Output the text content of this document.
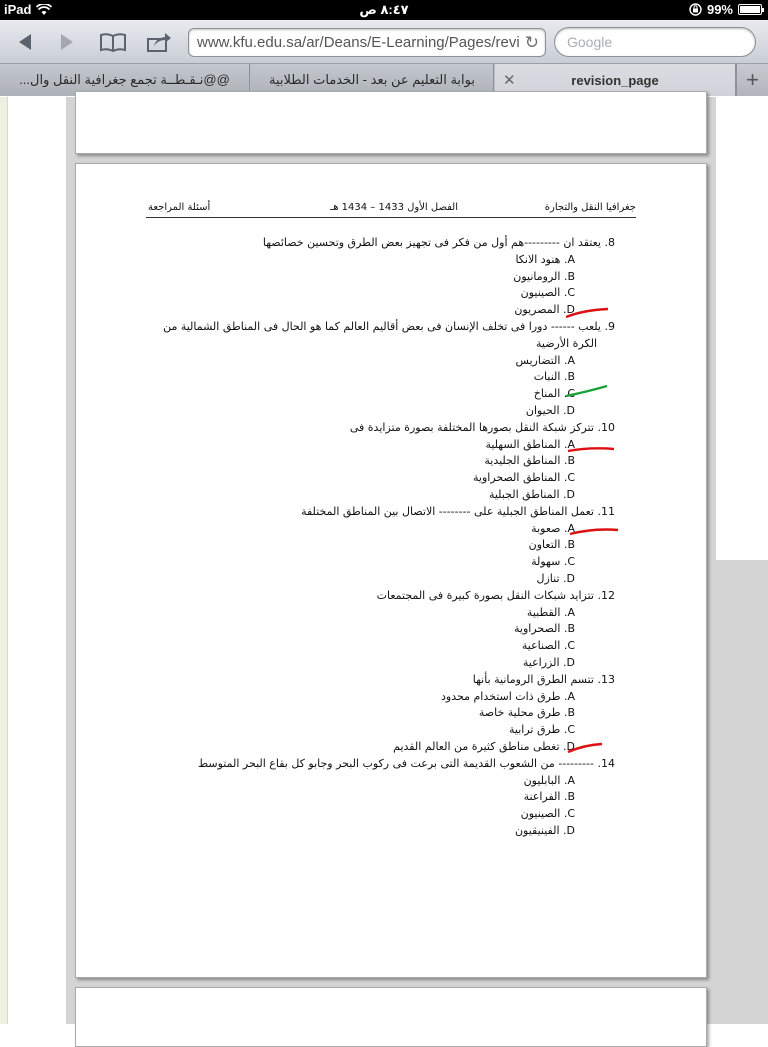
iPad	٨:٤٧ ص	99%
www.kfu.edu.sa/ar/Deans/E-Learning/Pages/revi ↻	Google
@@نـقـطــة تجمع جغرافية النقل وال...	بوابة التعليم عن بعد - الخدمات الطلابية ✕	revision_page	+
جغرافيا النقل والتجارة
الفصل الأول 1433 – 1434 هـ
أسئلة المراجعة
8. يعتقد ان ---------هم أول من فكر فى تجهيز بعض الطرق وتحسين خصائصها
A. هنود الانكا
B. الرومانيون
C. الصينيون
D. المصريون
9. يلعب ------ دورا فى تخلف الإنسان فى بعض أقاليم العالم كما هو الحال فى المناطق الشمالية من
الكرة الأرضية
A. التضاريس
B. النبات
C. المناخ
D. الحيوان
10. تتركز شبكة النقل بصورها المختلفة بصورة متزايدة فى
A. المناطق السهلية
B. المناطق الجليدية
C. المناطق الصحراوية
D. المناطق الجبلية
11. تعمل المناطق الجبلية على -------- الاتصال بين المناطق المختلفة
A. صعوبة
B. التعاون
C. سهولة
D. تنازل
12. تتزايد شبكات النقل بصورة كبيرة فى المجتمعات
A. القطبية
B. الصحراوية
C. الصناعية
D. الزراعية
13. تتسم الطرق الرومانية بأنها
A. طرق ذات استخدام محدود
B. طرق محلية خاصة
C. طرق ترابية
D. تغطى مناطق كثيرة من العالم القديم
14. --------- من الشعوب القديمة التى برعت فى ركوب البحر وجابو كل بقاع البحر المتوسط
A. البابليون
B. الفراعنة
C. الصينيون
D. الفينيقيون
